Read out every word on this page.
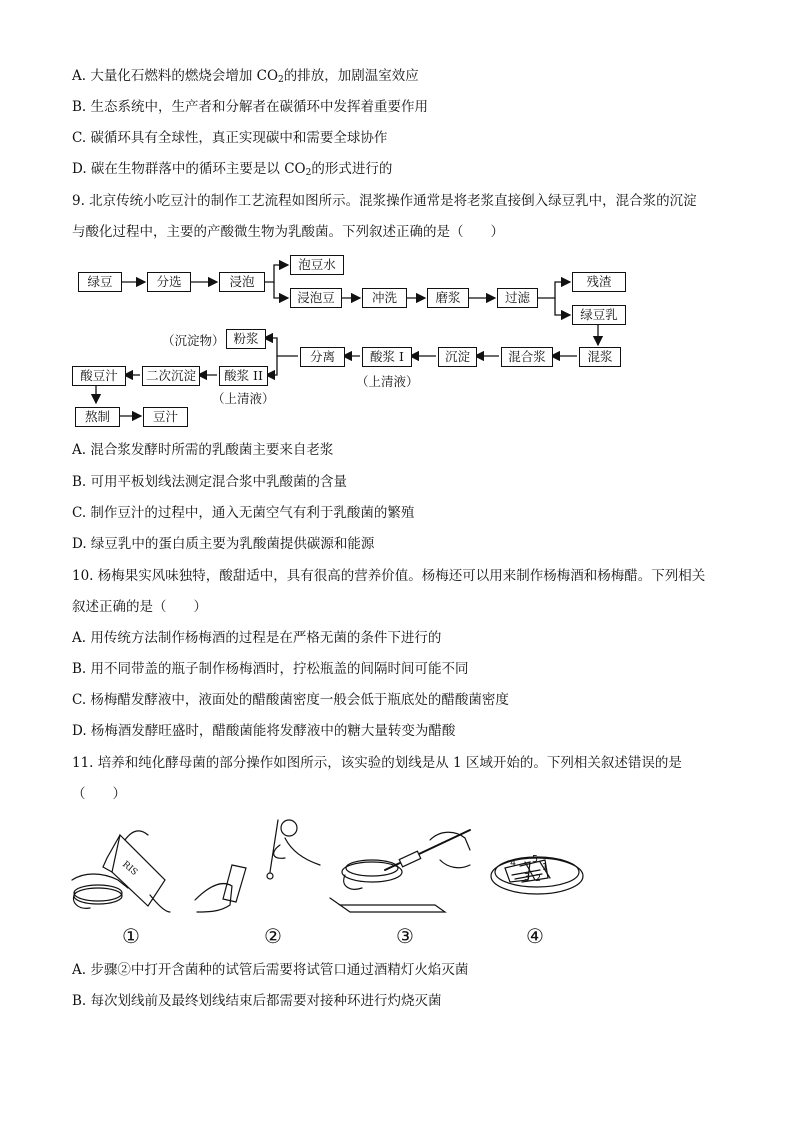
A. 大量化石燃料的燃烧会增加 $CO_2$的排放，加剧温室效应
B. 生态系统中，生产者和分解者在碳循环中发挥着重要作用
C. 碳循环具有全球性，真正实现碳中和需要全球协作
D. 碳在生物群落中的循环主要是以 $CO_2$的形式进行的
9. 北京传统小吃豆汁的制作工艺流程如图所示。混浆操作通常是将老浆直接倒入绿豆乳中，混合浆的沉淀
与酸化过程中，主要的产酸微生物为乳酸菌。下列叙述正确的是（　　）
绿豆	分选	浸泡
泡豆水
浸泡豆	冲洗	磨浆	过滤
残渣
绿豆乳
混浆
混合浆
沉淀
酸浆 I
分离
粉浆
酸浆 II
二次沉淀
酸豆汁
熬制	豆汁
（沉淀物）
（上清液）
（上清液）
A. 混合浆发酵时所需的乳酸菌主要来自老浆
B. 可用平板划线法测定混合浆中乳酸菌的含量
C. 制作豆汁的过程中，通入无菌空气有利于乳酸菌的繁殖
D. 绿豆乳中的蛋白质主要为乳酸菌提供碳源和能源
10. 杨梅果实风味独特，酸甜适中，具有很高的营养价值。杨梅还可以用来制作杨梅酒和杨梅醋。下列相关
叙述正确的是（　　）
A. 用传统方法制作杨梅酒的过程是在严格无菌的条件下进行的
B. 用不同带盖的瓶子制作杨梅酒时，拧松瓶盖的间隔时间可能不同
C. 杨梅醋发酵液中，液面处的醋酸菌密度一般会低于瓶底处的醋酸菌密度
D. 杨梅酒发酵旺盛时，醋酸菌能将发酵液中的糖大量转变为醋酸
11. 培养和纯化酵母菌的部分操作如图所示，该实验的划线是从 1 区域开始的。下列相关叙述错误的是
（　　）
RIS	4 5
1
3 2
①	②	③	④
A. 步骤②中打开含菌种的试管后需要将试管口通过酒精灯火焰灭菌
B. 每次划线前及最终划线结束后都需要对接种环进行灼烧灭菌
